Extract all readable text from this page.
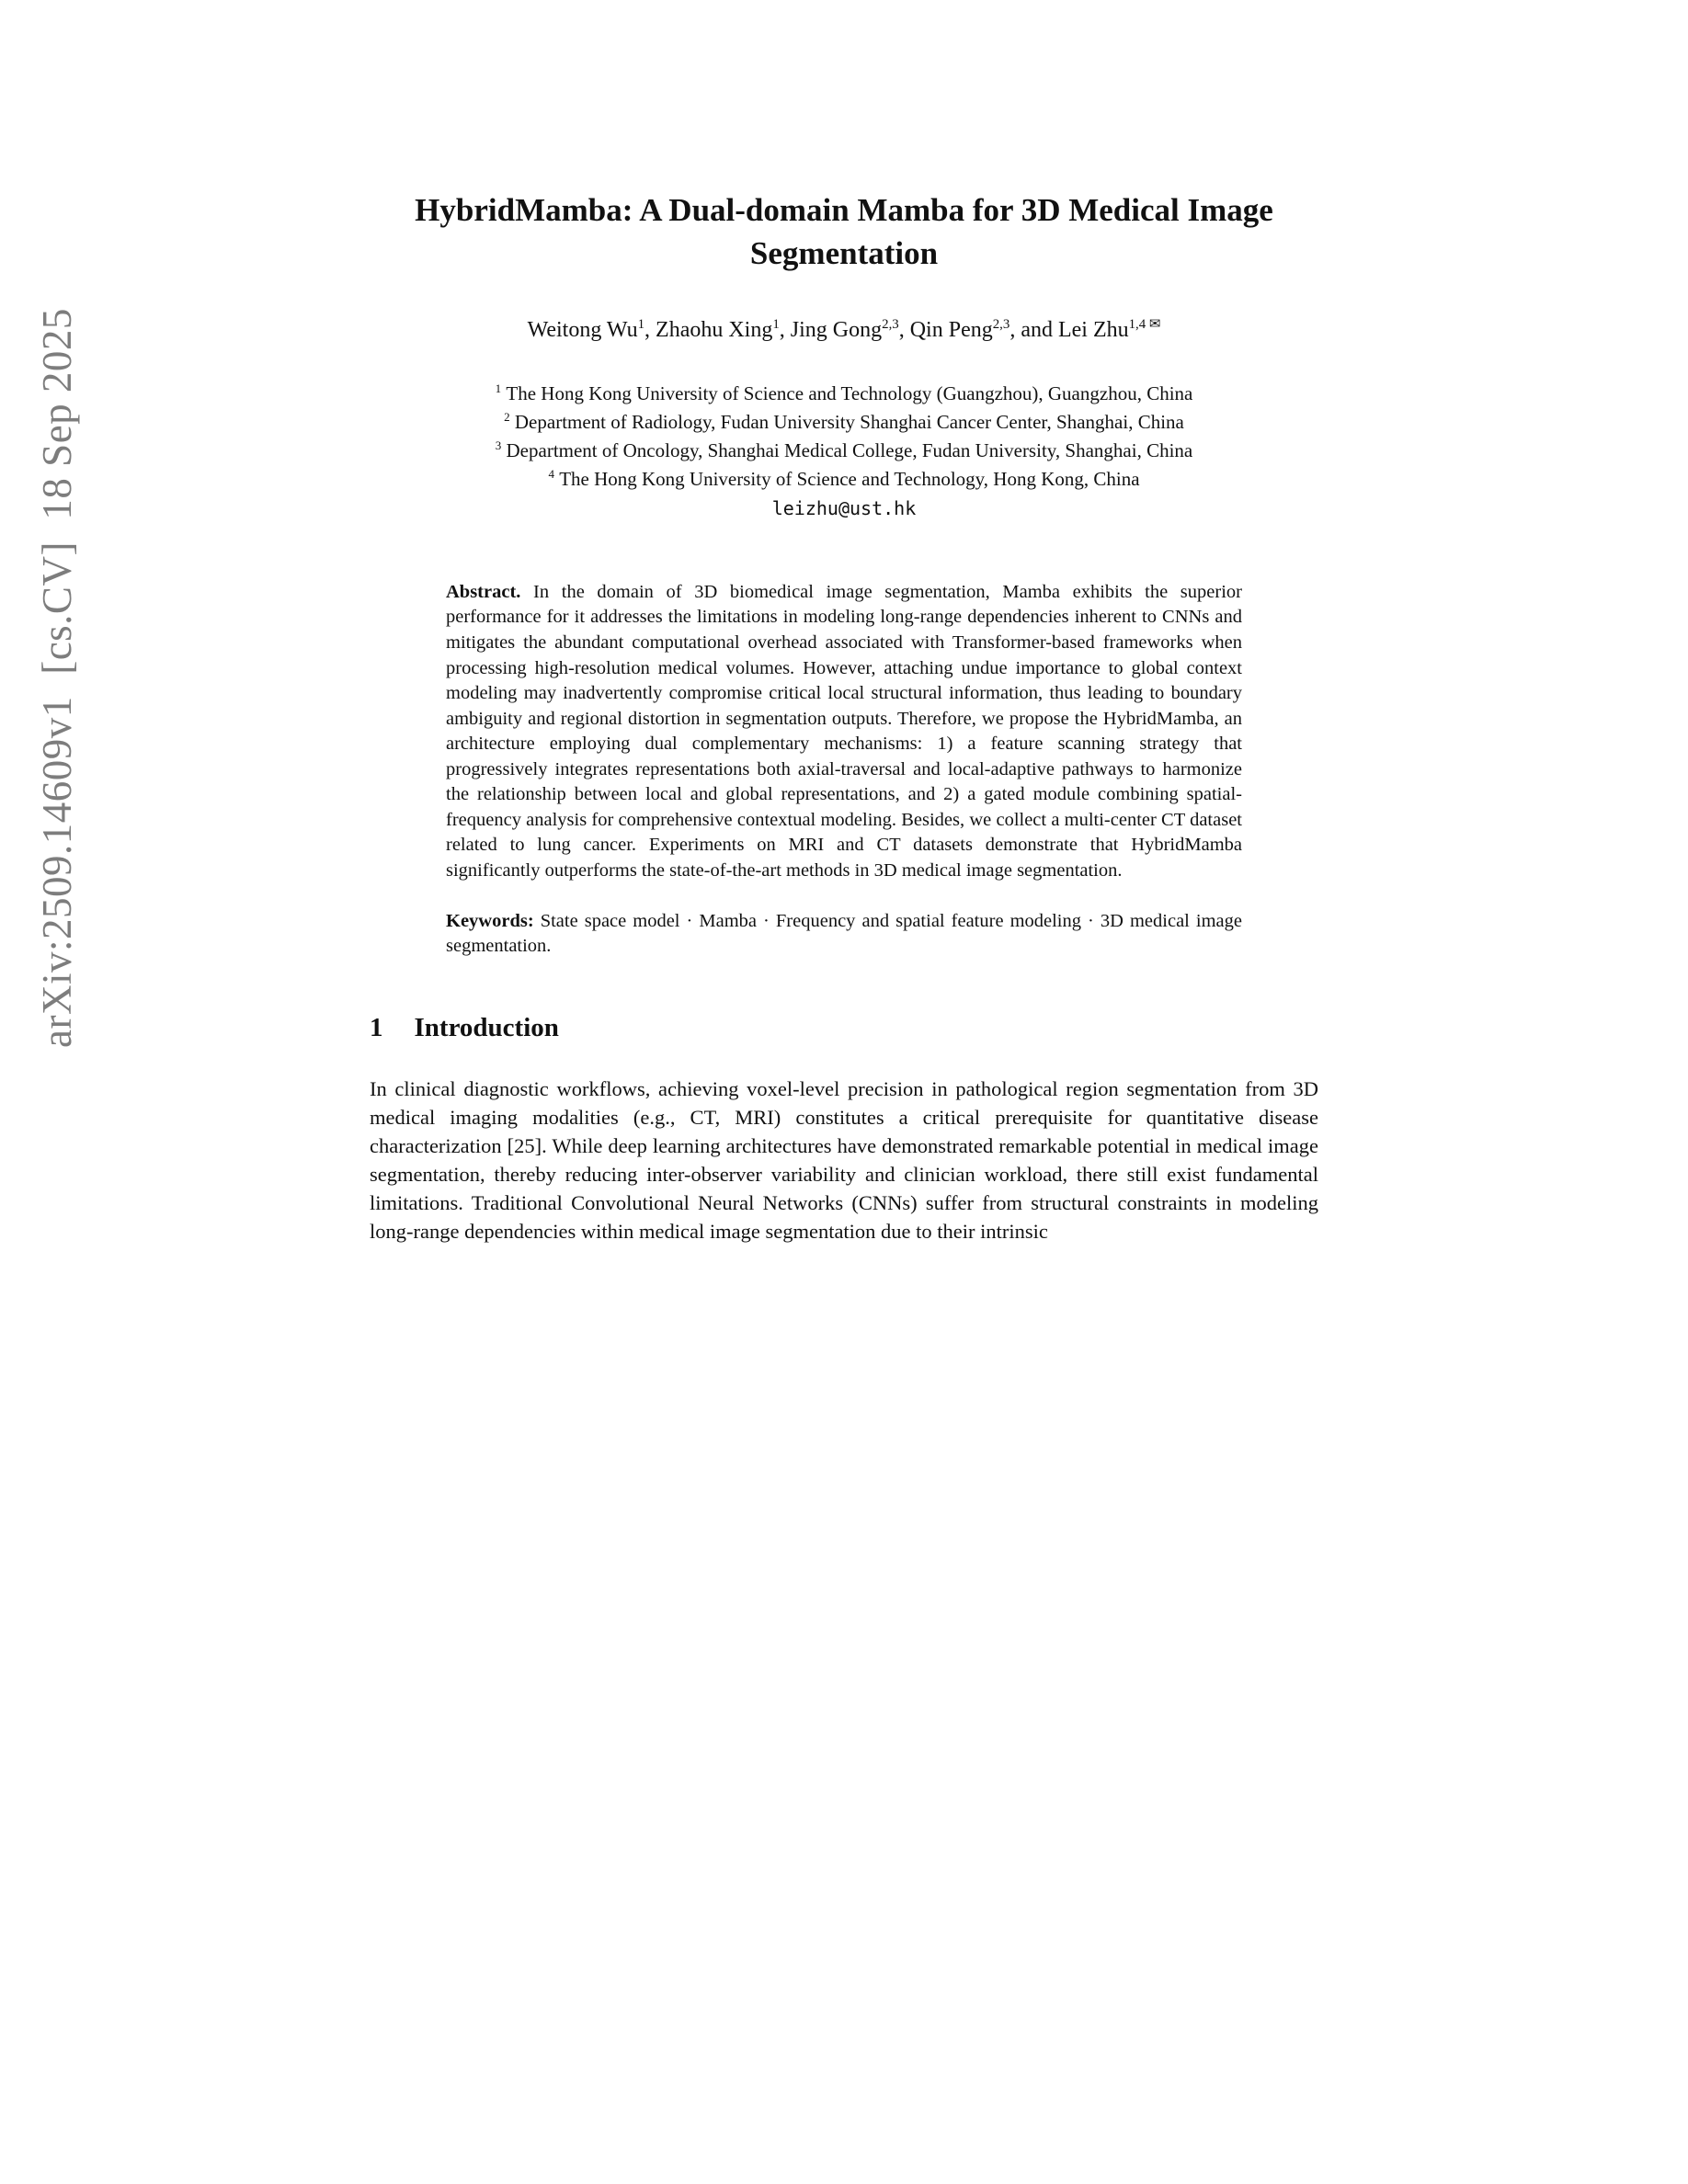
arXiv:2509.14609v1  [cs.CV]  18 Sep 2025
HybridMamba: A Dual-domain Mamba for 3D Medical Image Segmentation
Weitong Wu$^1$, Zhaohu Xing$^1$, Jing Gong$^{2,3}$, Qin Peng$^{2,3}$, and Lei Zhu$^{1,4 ✉}$
$^1$ The Hong Kong University of Science and Technology (Guangzhou), Guangzhou, China
$^2$ Department of Radiology, Fudan University Shanghai Cancer Center, Shanghai, China
$^3$ Department of Oncology, Shanghai Medical College, Fudan University, Shanghai, China
$^4$ The Hong Kong University of Science and Technology, Hong Kong, China
leizhu@ust.hk
Abstract. In the domain of 3D biomedical image segmentation, Mamba exhibits the superior performance for it addresses the limitations in modeling long-range dependencies inherent to CNNs and mitigates the abundant computational overhead associated with Transformer-based frameworks when processing high-resolution medical volumes. However, attaching undue importance to global context modeling may inadvertently compromise critical local structural information, thus leading to boundary ambiguity and regional distortion in segmentation outputs. Therefore, we propose the HybridMamba, an architecture employing dual complementary mechanisms: 1) a feature scanning strategy that progressively integrates representations both axial-traversal and local-adaptive pathways to harmonize the relationship between local and global representations, and 2) a gated module combining spatial-frequency analysis for comprehensive contextual modeling. Besides, we collect a multi-center CT dataset related to lung cancer. Experiments on MRI and CT datasets demonstrate that HybridMamba significantly outperforms the state-of-the-art methods in 3D medical image segmentation.
Keywords: State space model · Mamba · Frequency and spatial feature modeling · 3D medical image segmentation.
1 Introduction

In clinical diagnostic workflows, achieving voxel-level precision in pathological region segmentation from 3D medical imaging modalities (e.g., CT, MRI) constitutes a critical prerequisite for quantitative disease characterization [25]. While deep learning architectures have demonstrated remarkable potential in medical image segmentation, thereby reducing inter-observer variability and clinician workload, there still exist fundamental limitations. Traditional Convolutional Neural Networks (CNNs) suffer from structural constraints in modeling long-range dependencies within medical image segmentation due to their intrinsic
